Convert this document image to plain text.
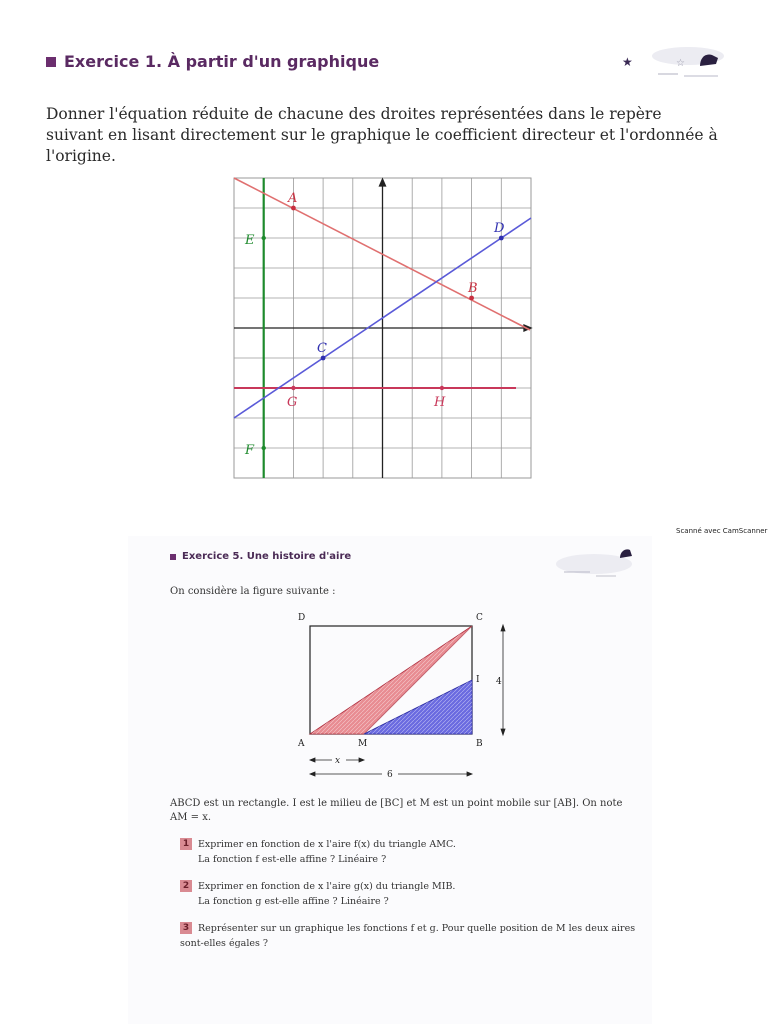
Exercice 1. À partir d'un graphique	★	☆
Donner l'équation réduite de chacune des droites représentées dans le repère suivant en lisant directement sur le graphique le coefficient directeur et l'ordonnée à l'origine.
A
B
C
D
E
F
G	H
Scanné avec CamScanner
Exercice 5. Une histoire d'aire
On considère la figure suivante :
D	C
A	M	B
I 4
x
6
ABCD est un rectangle. I est le milieu de [BC] et M est un point mobile sur [AB]. On note AM = x.
1 Exprimer en fonction de x l'aire f(x) du triangle AMC.
La fonction f est-elle affine ? Linéaire ?
2 Exprimer en fonction de x l'aire g(x) du triangle MIB.
La fonction g est-elle affine ? Linéaire ?
3 Représenter sur un graphique les fonctions f et g. Pour quelle position de M les deux aires sont-elles égales ?
